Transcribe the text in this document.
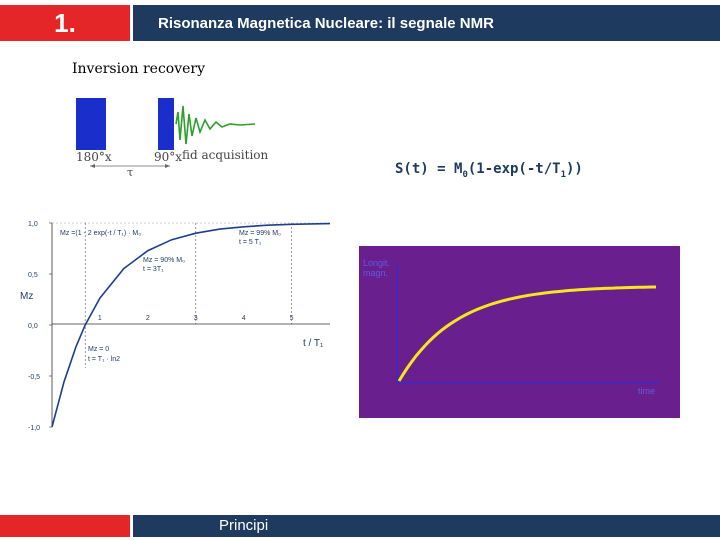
1.	Risonanza Magnetica Nucleare: il segnale NMR
Inversion recovery
180°x	90°x fid acquisition
τ	$S(t) = M_0(1-\exp(-t/T_1))$
1,0
0,5
0,0
-0,5
-1,0
1	2	3	4	5
Mz
t / T₁
Mz =(1 - 2 exp(-t / T₁) · M₀	Mz = 99% M₀
t = 5 T₁
Mz = 90% M₀
t = 3T₁
Mz = 0
t = T₁ · ln2
Longit.
magn.
time
Principi
